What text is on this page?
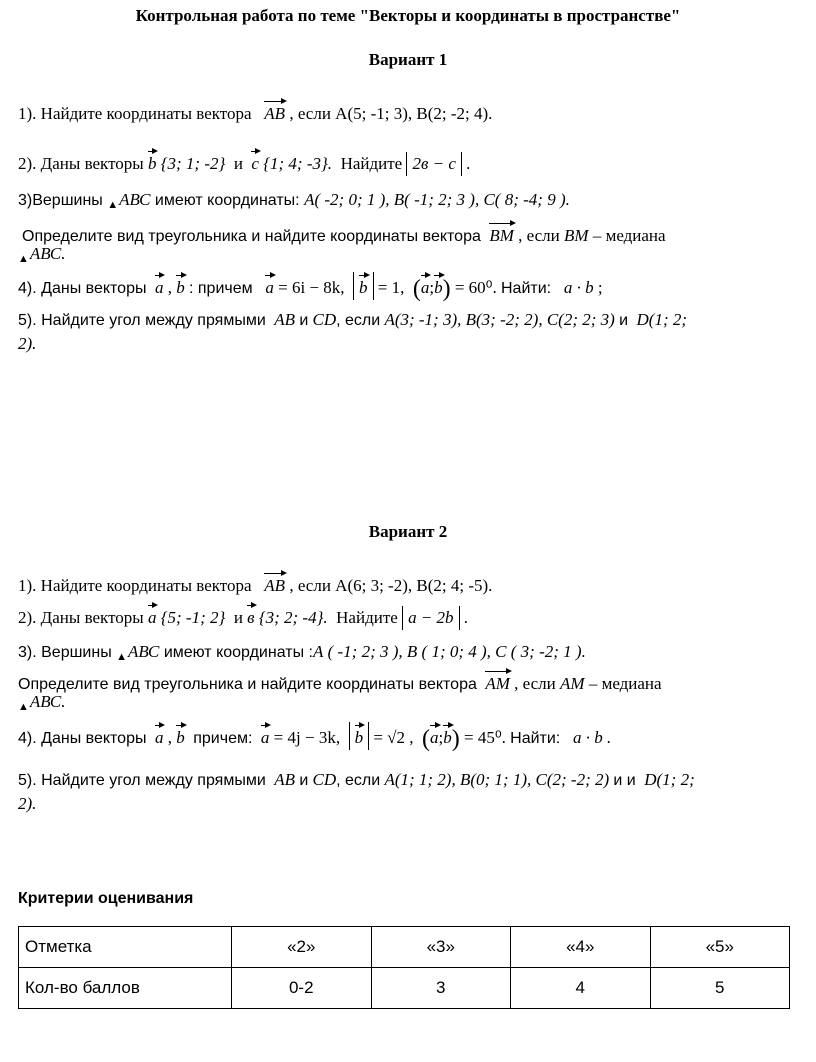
Контрольная работа по теме "Векторы и координаты в пространстве"
Вариант 1
1). Найдите координаты вектора AB , если А(5; -1; 3), В(2; -2; 4).
2). Даны векторы b {3; 1; -2} и c {1; 4; -3}. Найдите 2в − c .
3)Вершины ▲АВС имеют координаты: А( -2; 0; 1 ), В( -1; 2; 3 ), С( 8; -4; 9 ).
Определите вид треугольника и найдите координаты вектора BM , если ВМ – медиана
▲АВС.
4). Даны векторы a , b : причем a = 6i − 8k, b = 1, (a;b) = 60⁰. Найти: a · b ;
5). Найдите угол между прямыми АВ и CD, если А(3; -1; 3), В(3; -2; 2), С(2; 2; 3) и D(1; 2;
2).
Вариант 2
1). Найдите координаты вектора AB , если А(6; 3; -2), В(2; 4; -5).
2). Даны векторы a {5; -1; 2} и в {3; 2; -4}. Найдите a − 2b .
3). Вершины ▲АВС имеют координаты :А ( -1; 2; 3 ), В ( 1; 0; 4 ), С ( 3; -2; 1 ).
Определите вид треугольника и найдите координаты вектора AM , если АМ – медиана
▲АВС.
4). Даны векторы a , b причем: a = 4j − 3k, b = √2 , (a;b) = 45⁰. Найти: a · b .
5). Найдите угол между прямыми АВ и CD, если А(1; 1; 2), В(0; 1; 1), С(2; -2; 2) и и D(1; 2;
2).
Критерии оценивания
Отметка	«2»	«3»	«4»	«5»
Кол-во баллов	0-2	3	4	5
